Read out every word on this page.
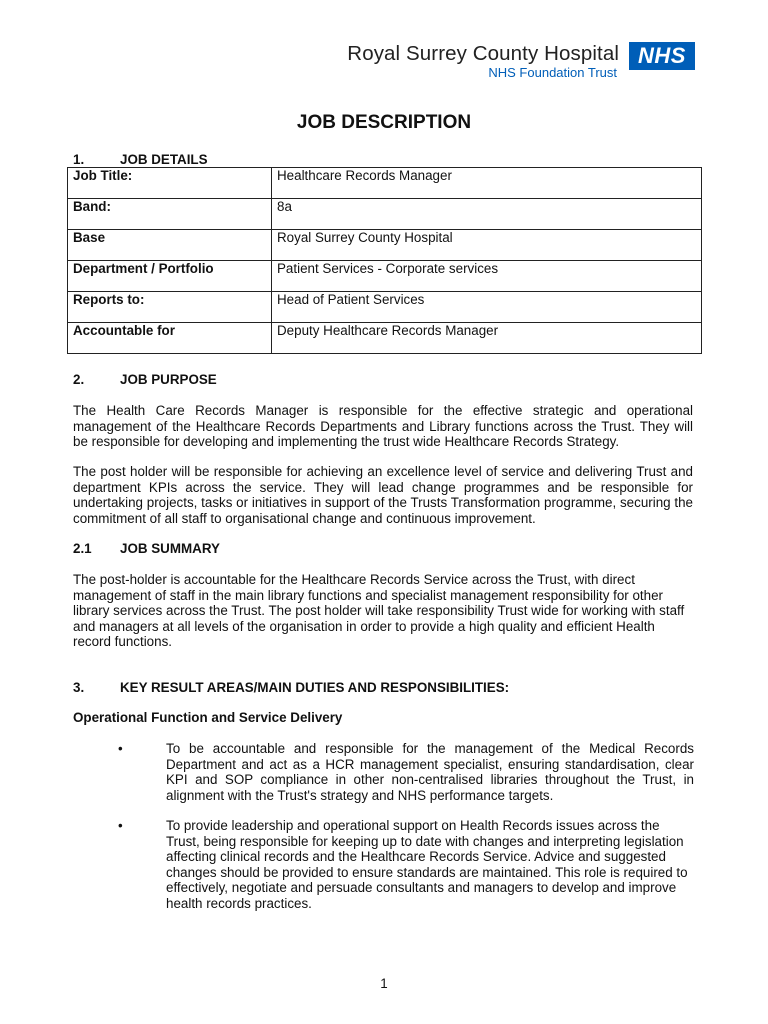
Royal Surrey County Hospital
NHS Foundation Trust
NHS
JOB DESCRIPTION
1.	JOB DETAILS
Job Title:	Healthcare Records Manager
Band:	8a
Base	Royal Surrey County Hospital
Department / Portfolio	Patient Services - Corporate services
Reports to:	Head of Patient Services
Accountable for	Deputy Healthcare Records Manager
2.	JOB PURPOSE
The Health Care Records Manager is responsible for the effective strategic and operational management of the Healthcare Records Departments and Library functions across the Trust. They will be responsible for developing and implementing the trust wide Healthcare Records Strategy.
The post holder will be responsible for achieving an excellence level of service and delivering Trust and department KPIs across the service. They will lead change programmes and be responsible for undertaking projects, tasks or initiatives in support of the Trusts Transformation programme, securing the commitment of all staff to organisational change and continuous improvement.
2.1 JOB SUMMARY
The post-holder is accountable for the Healthcare Records Service across the Trust, with direct management of staff in the main library functions and specialist management responsibility for other library services across the Trust. The post holder will take responsibility Trust wide for working with staff and managers at all levels of the organisation in order to provide a high quality and efficient Health record functions.
3.	KEY RESULT AREAS/MAIN DUTIES AND RESPONSIBILITIES:
Operational Function and Service Delivery
•	To be accountable and responsible for the management of the Medical Records Department and act as a HCR management specialist, ensuring standardisation, clear KPI and SOP compliance in other non-centralised libraries throughout the Trust, in alignment with the Trust's strategy and NHS performance targets.
•	To provide leadership and operational support on Health Records issues across the Trust, being responsible for keeping up to date with changes and interpreting legislation affecting clinical records and the Healthcare Records Service. Advice and suggested changes should be provided to ensure standards are maintained. This role is required to effectively, negotiate and persuade consultants and managers to develop and improve health records practices.
1
